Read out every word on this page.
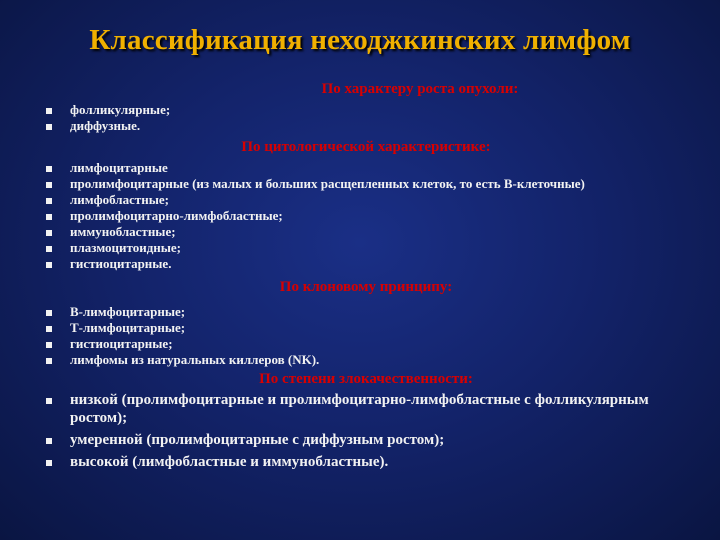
Классификация неходжкинских лимфом
По характеру роста опухоли:
фолликулярные;
диффузные.
По цитологической характеристике:
лимфоцитарные
пролимфоцитарные (из малых и больших расщепленных клеток, то есть В-клеточные)
лимфобластные;
пролимфоцитарно-лимфобластные;
иммунобластные;
плазмоцитоидные;
гистиоцитарные.
По клоновому принципу:
В-лимфоцитарные;
Т-лимфоцитарные;
гистиоцитарные;
лимфомы из натуральных киллеров (NK).
По степени злокачественности:
низкой (пролимфоцитарные и пролимфоцитарно-лимфобластные с фолликулярным ростом);
умеренной (пролимфоцитарные с диффузным ростом);
высокой (лимфобластные и иммунобластные).
